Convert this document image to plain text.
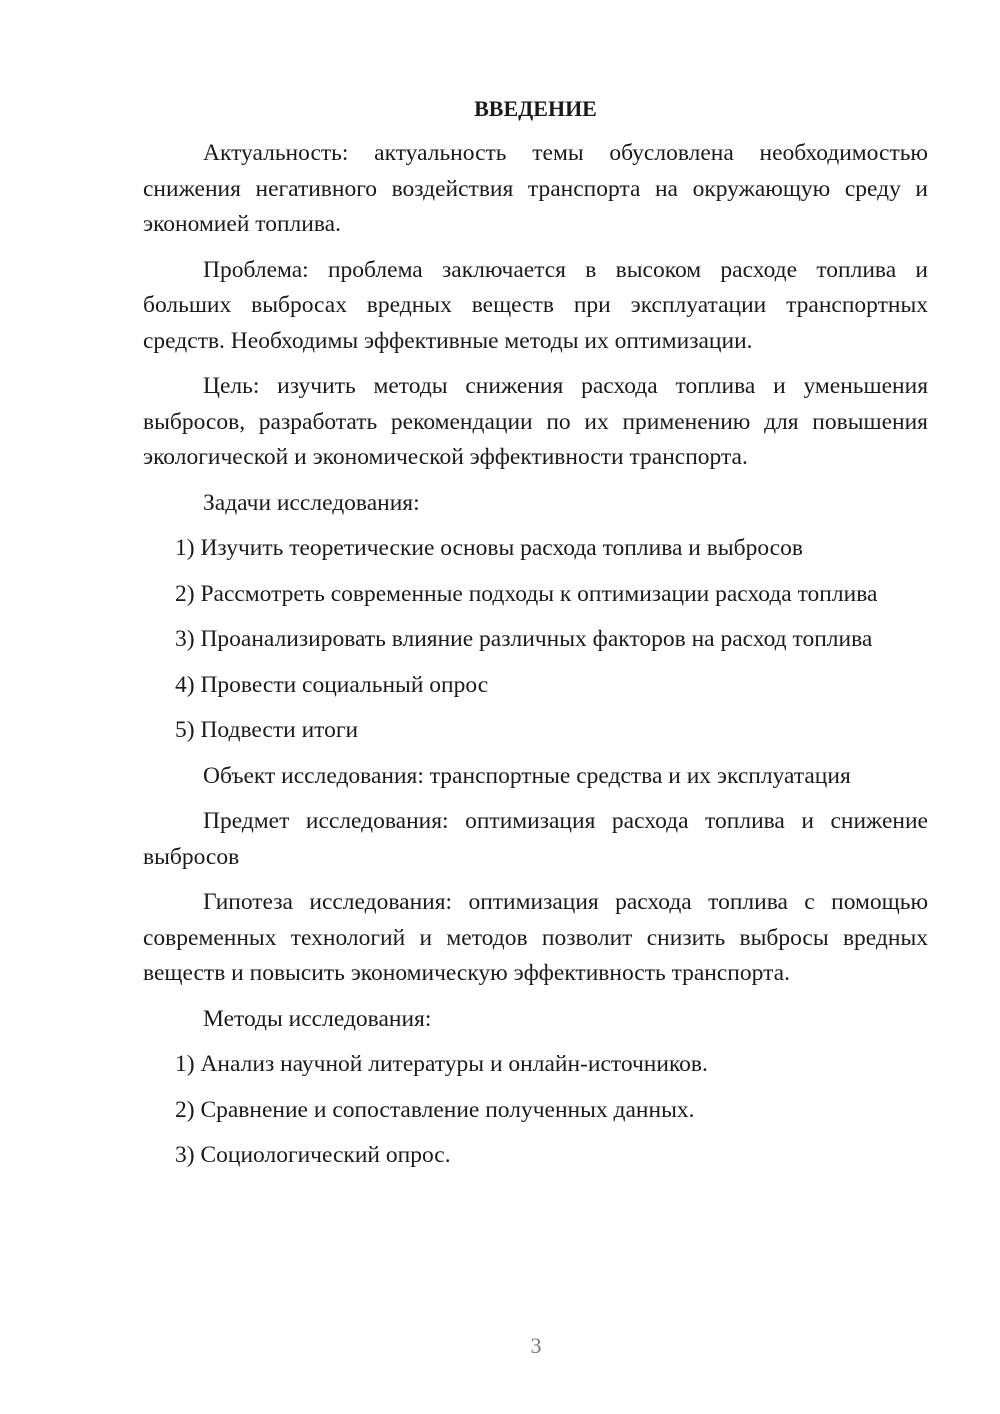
ВВЕДЕНИЕ
Актуальность: актуальность темы обусловлена необходимостью
снижения негативного воздействия транспорта на окружающую среду и
экономией топлива.
Проблема: проблема заключается в высоком расходе топлива и
больших выбросах вредных веществ при эксплуатации транспортных
средств. Необходимы эффективные методы их оптимизации.
Цель: изучить методы снижения расхода топлива и уменьшения
выбросов, разработать рекомендации по их применению для повышения
экологической и экономической эффективности транспорта.
Задачи исследования:
1) Изучить теоретические основы расхода топлива и выбросов
2) Рассмотреть современные подходы к оптимизации расхода топлива
3) Проанализировать влияние различных факторов на расход топлива
4) Провести социальный опрос
5) Подвести итоги
Объект исследования: транспортные средства и их эксплуатация
Предмет исследования: оптимизация расхода топлива и снижение
выбросов
Гипотеза исследования: оптимизация расхода топлива с помощью
современных технологий и методов позволит снизить выбросы вредных
веществ и повысить экономическую эффективность транспорта.
Методы исследования:
1) Анализ научной литературы и онлайн-источников.
2) Сравнение и сопоставление полученных данных.
3) Социологический опрос.
3
